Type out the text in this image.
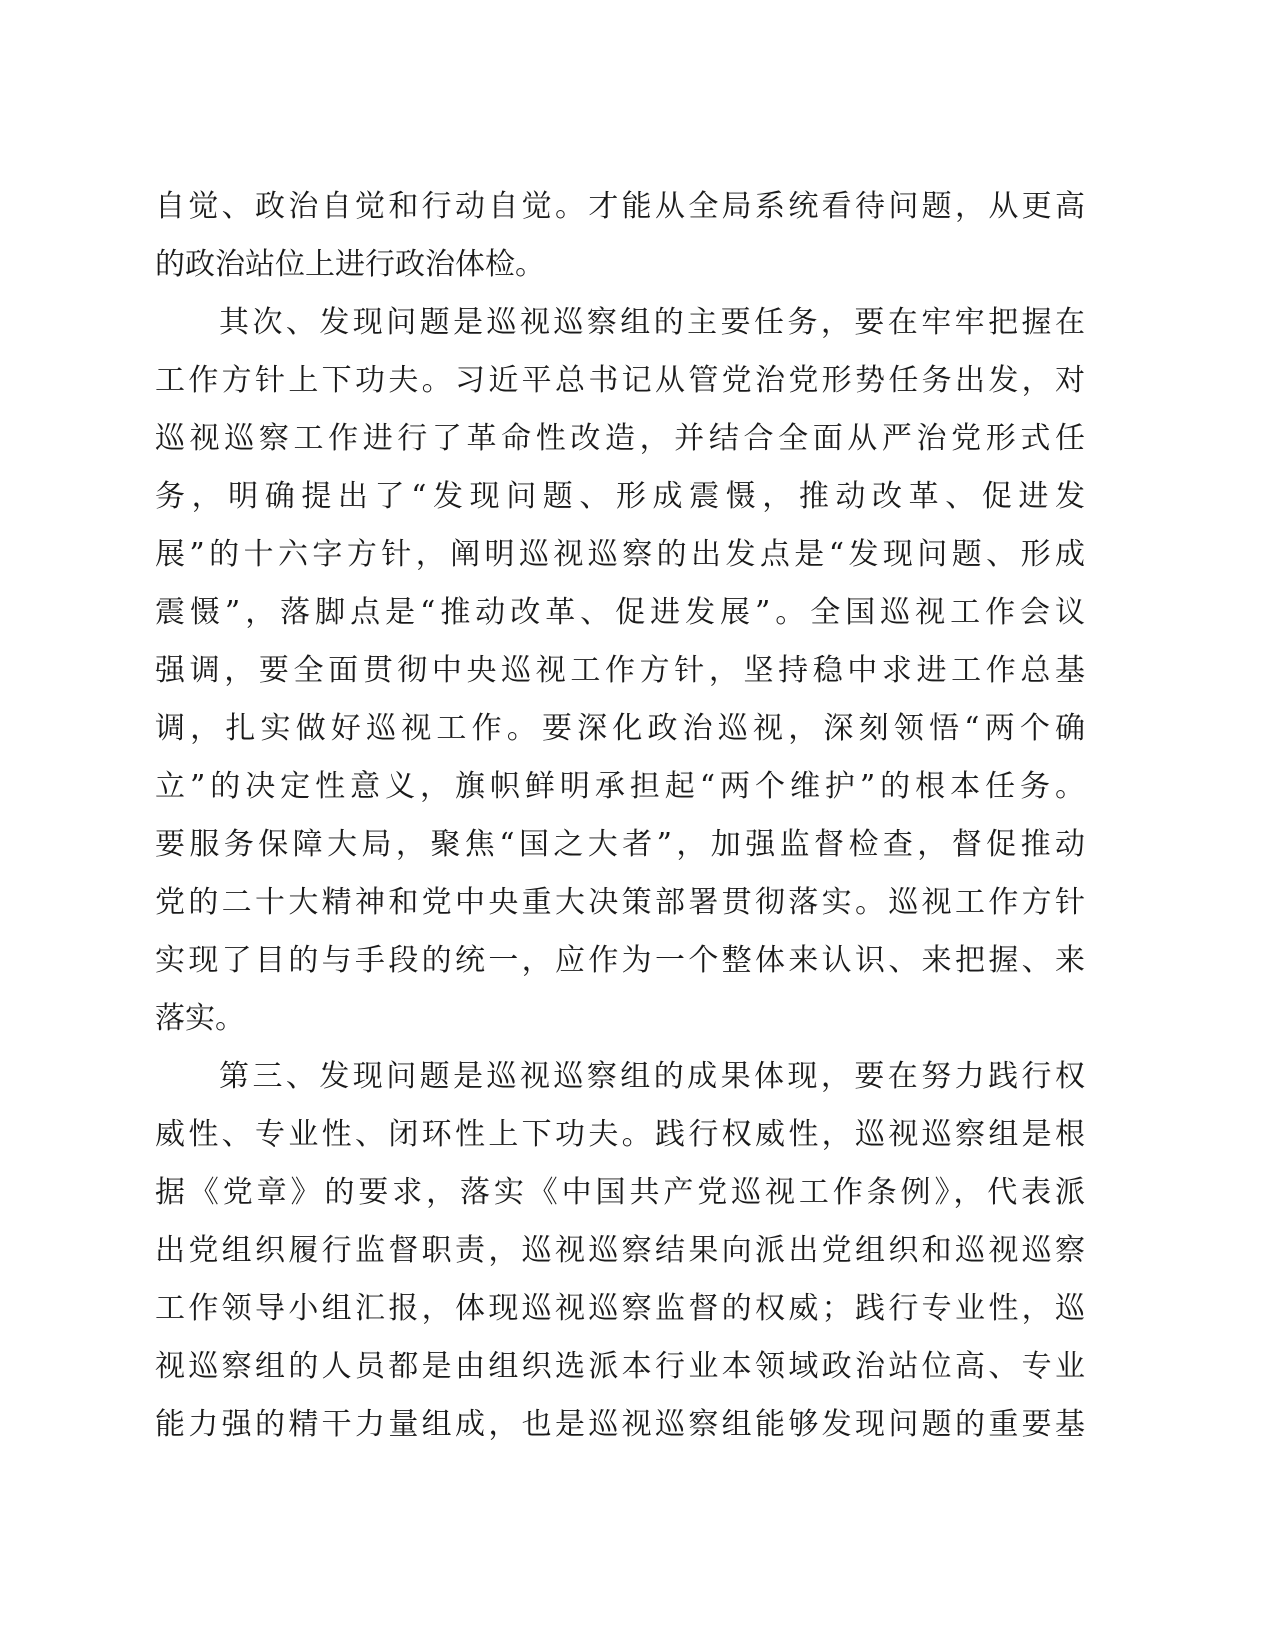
自觉、政治自觉和行动自觉。才能从全局系统看待问题，从更高
的政治站位上进行政治体检。
其次、发现问题是巡视巡察组的主要任务，要在牢牢把握在
工作方针上下功夫。习近平总书记从管党治党形势任务出发，对
巡视巡察工作进行了革命性改造，并结合全面从严治党形式任
务，明确提出了“发现问题、形成震慑，推动改革、促进发
展”的十六字方针，阐明巡视巡察的出发点是“发现问题、形成
震慑”，落脚点是“推动改革、促进发展”。全国巡视工作会议
强调，要全面贯彻中央巡视工作方针，坚持稳中求进工作总基
调，扎实做好巡视工作。要深化政治巡视，深刻领悟“两个确
立”的决定性意义，旗帜鲜明承担起“两个维护”的根本任务。
要服务保障大局，聚焦“国之大者”，加强监督检查，督促推动
党的二十大精神和党中央重大决策部署贯彻落实。巡视工作方针
实现了目的与手段的统一，应作为一个整体来认识、来把握、来
落实。
第三、发现问题是巡视巡察组的成果体现，要在努力践行权
威性、专业性、闭环性上下功夫。践行权威性，巡视巡察组是根
据《党章》的要求，落实《中国共产党巡视工作条例》，代表派
出党组织履行监督职责，巡视巡察结果向派出党组织和巡视巡察
工作领导小组汇报，体现巡视巡察监督的权威；践行专业性，巡
视巡察组的人员都是由组织选派本行业本领域政治站位高、专业
能力强的精干力量组成，也是巡视巡察组能够发现问题的重要基
